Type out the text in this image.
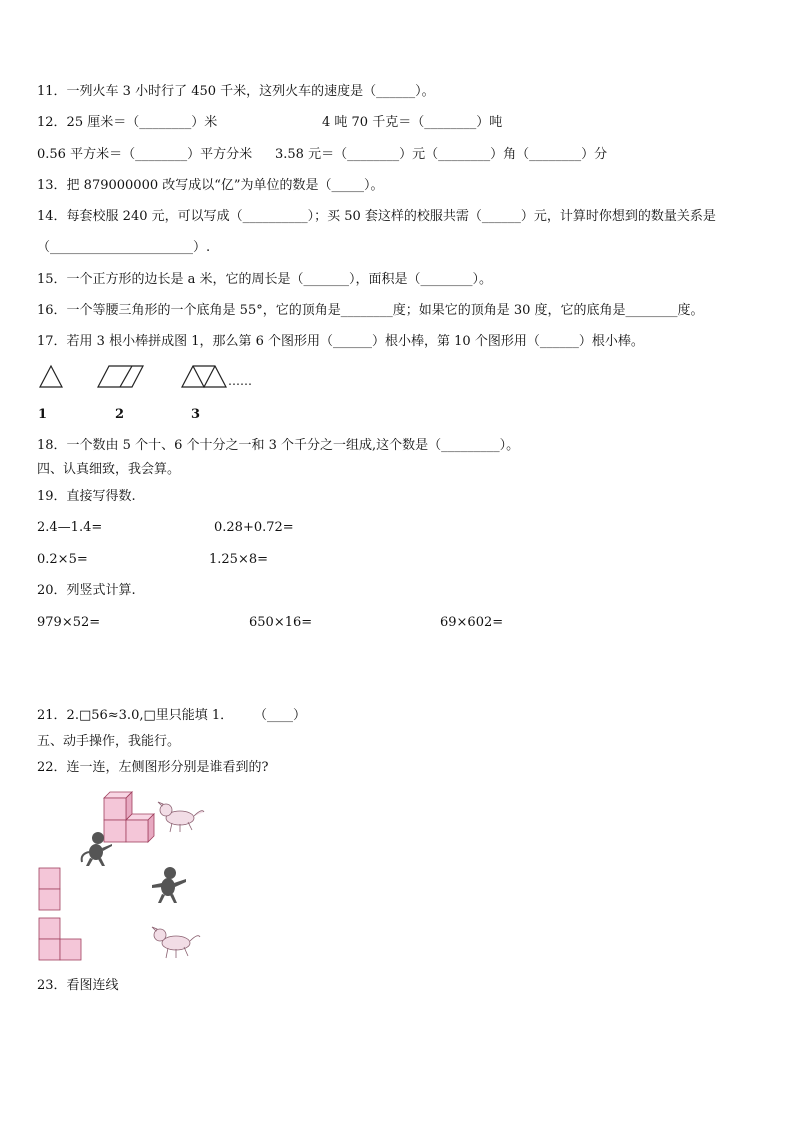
11．一列火车 3 小时行了 450 千米，这列火车的速度是（______）。
12．25 厘米＝（________）米	4 吨 70 千克＝（________）吨
0.56 平方米＝（________）平方分米 3.58 元＝（________）元（________）角（________）分
13．把 879000000 改写成以“亿”为单位的数是（_____）。
14．每套校服 240 元，可以写成（__________）；买 50 套这样的校服共需（______）元，计算时你想到的数量关系是
（______________________）.
15．一个正方形的边长是 a 米，它的周长是（_______），面积是（________）。
16．一个等腰三角形的一个底角是 55°，它的顶角是________度；如果它的顶角是 30 度，它的底角是________度。
17．若用 3 根小棒拼成图 1，那么第 6 个图形用（______）根小棒，第 10 个图形用（______）根小棒。
……
1	2	3
18．一个数由 5 个十、6 个十分之一和 3 个千分之一组成,这个数是（_________）。
四、认真细致，我会算。
19．直接写得数.
2.4—1.4=	0.28+0.72=
0.2×5=	1.25×8=
20．列竖式计算.
979×52=	650×16=	69×602=
21．2.□56≈3.0,□里只能填 1． （____）
五、动手操作，我能行。
22．连一连，左侧图形分别是谁看到的?
23．看图连线
